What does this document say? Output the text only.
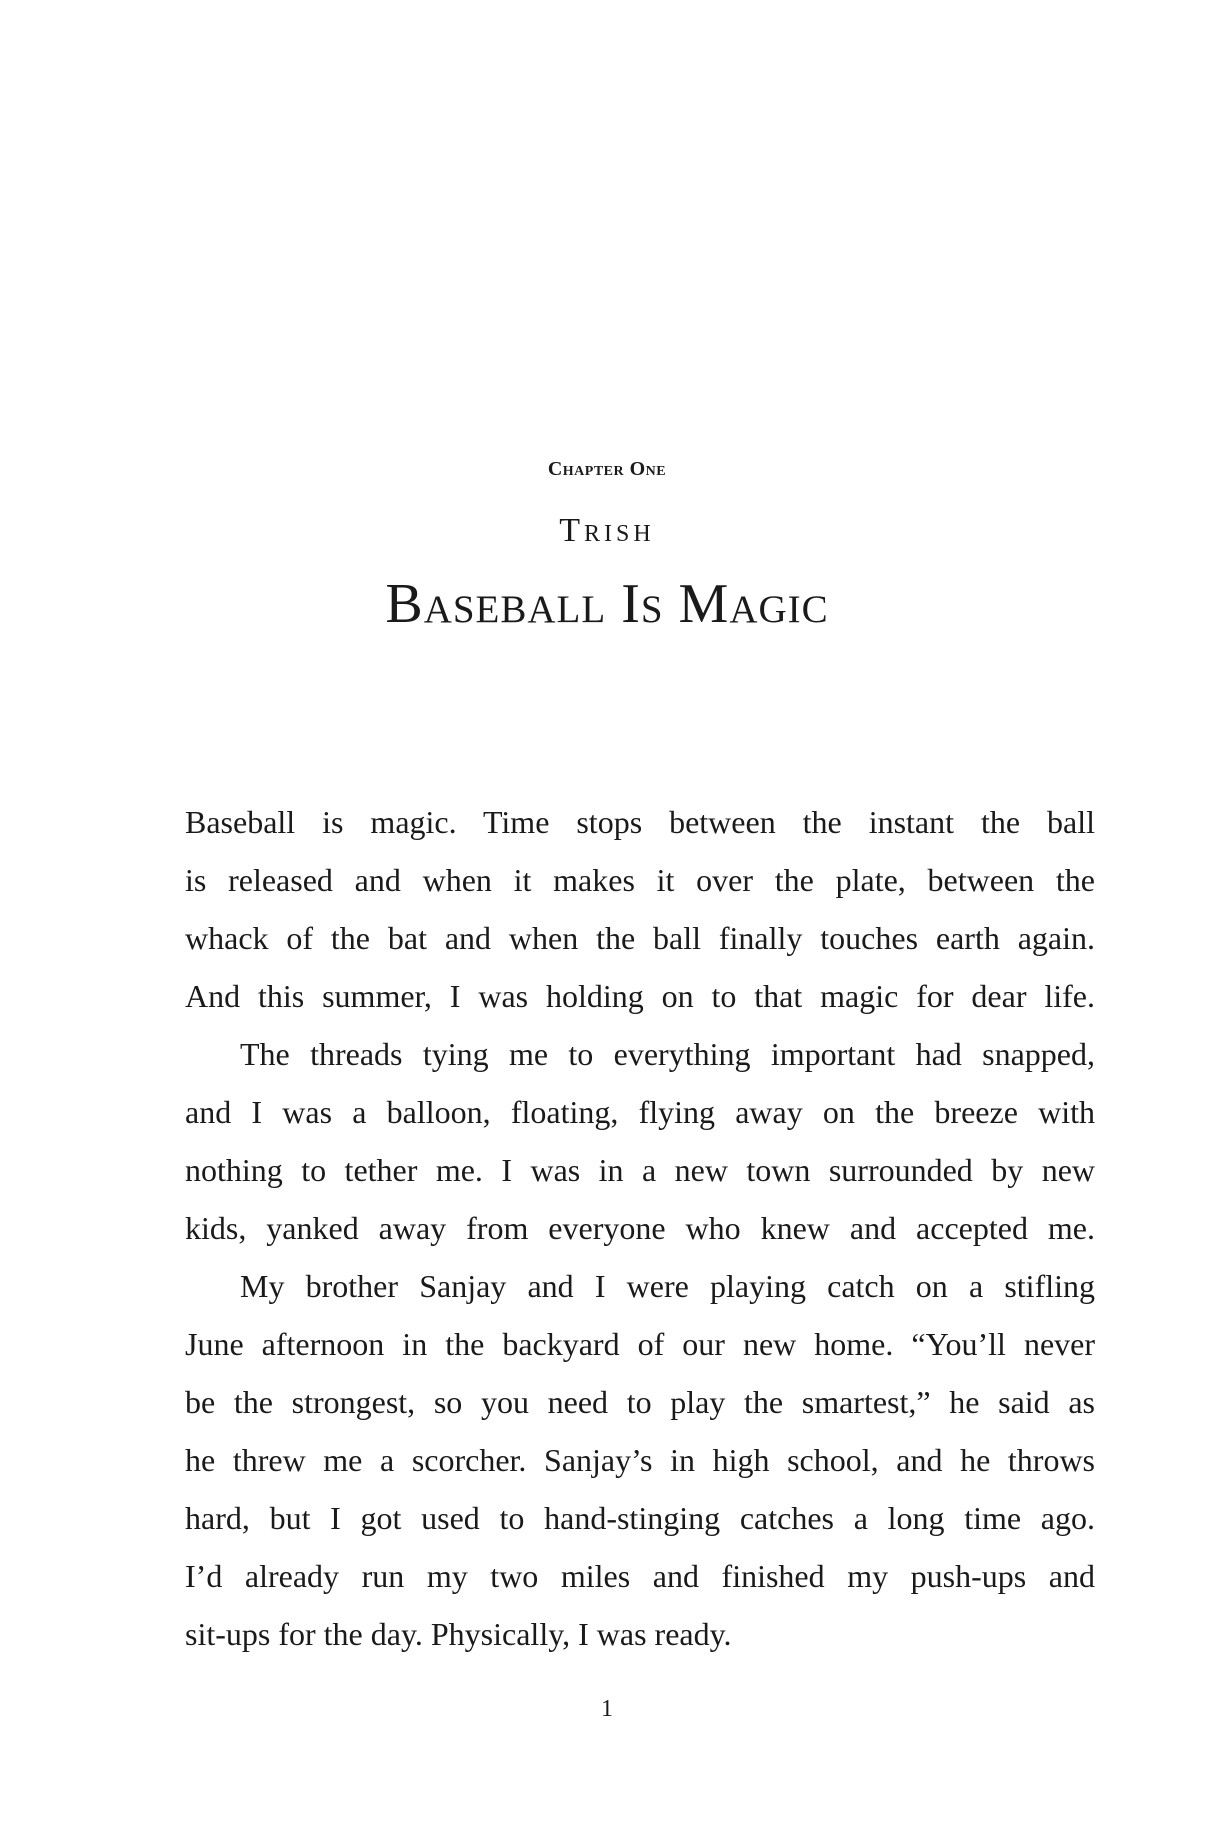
Chapter One
Trish
Baseball Is Magic
Baseball is magic. Time stops between the instant the ball
is released and when it makes it over the plate, between the
whack of the bat and when the ball finally touches earth again.
And this summer, I was holding on to that magic for dear life.
The threads tying me to everything important had snapped,
and I was a balloon, floating, flying away on the breeze with
nothing to tether me. I was in a new town surrounded by new
kids, yanked away from everyone who knew and accepted me.
My brother Sanjay and I were playing catch on a stifling
June afternoon in the backyard of our new home. “You’ll never
be the strongest, so you need to play the smartest,” he said as
he threw me a scorcher. Sanjay’s in high school, and he throws
hard, but I got used to hand-stinging catches a long time ago.
I’d already run my two miles and finished my push-ups and
sit-ups for the day. Physically, I was ready.
1
